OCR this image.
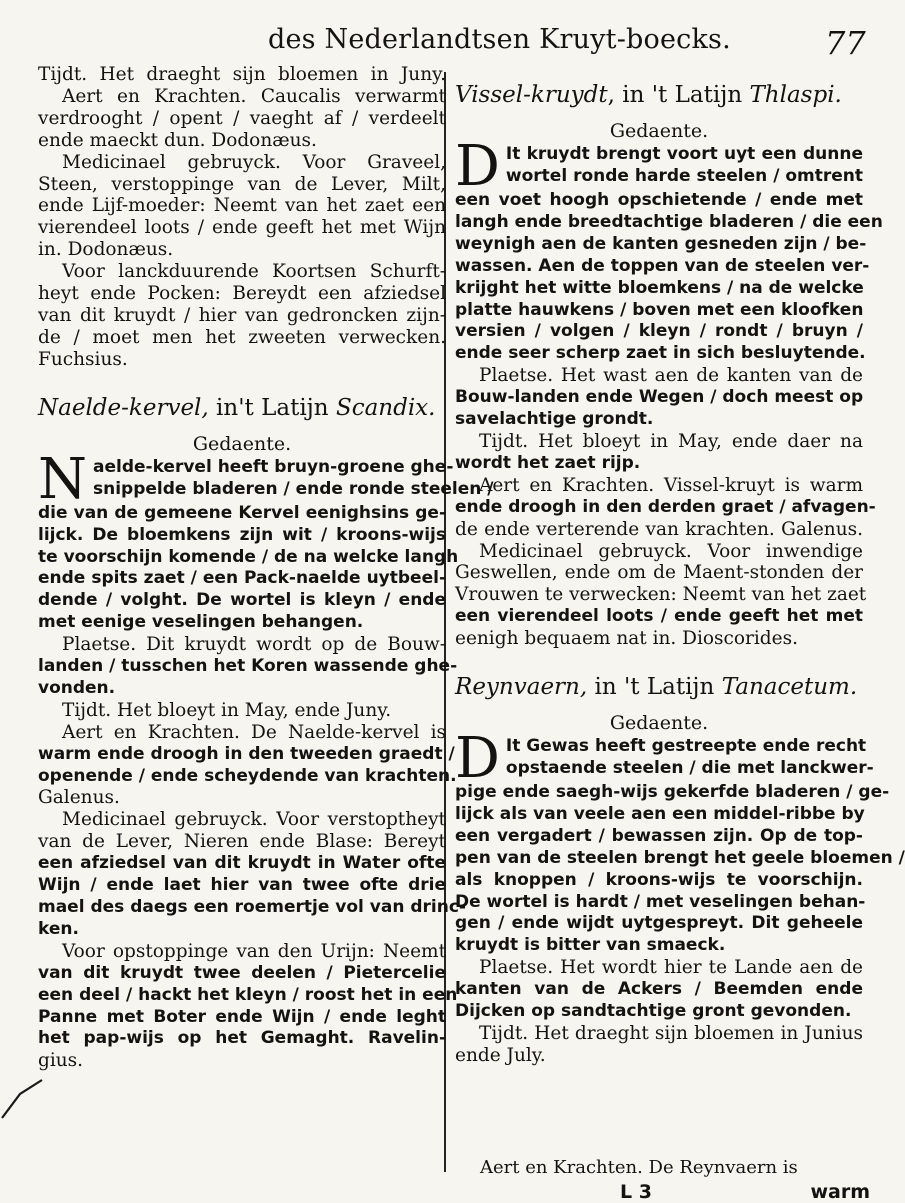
des Nederlandtsen Kruyt-boecks.	77
Tijdt. Het draeght sijn bloemen in Juny.
Aert en Krachten. Caucalis verwarmt
verdrooght / opent / vaeght af / verdeelt
ende maeckt dun. Dodonæus.
Medicinael gebruyck. Voor Graveel,
Steen, verstoppinge van de Lever, Milt,
ende Lijf-moeder: Neemt van het zaet een
vierendeel loots / ende geeft het met Wijn
in. Dodonæus.
Voor lanckduurende Koortsen Schurft-
heyt ende Pocken: Bereydt een afziedsel
van dit kruydt / hier van gedroncken zijn-
de / moet men het zweeten verwecken.
Fuchsius.
Naelde-kervel, in't Latijn Scandix.
Gedaente.
N aelde-kervel heeft bruyn-groene ghe-
snippelde bladeren / ende ronde steelen /
die van de gemeene Kervel eenighsins ge-
lijck. De bloemkens zijn wit / kroons-wijs
te voorschijn komende / de na welcke langh
ende spits zaet / een Pack-naelde uytbeel-
dende / volght. De wortel is kleyn / ende
met eenige veselingen behangen.
Plaetse. Dit kruydt wordt op de Bouw-
landen / tusschen het Koren wassende ghe-
vonden.
Tijdt. Het bloeyt in May, ende Juny.
Aert en Krachten. De Naelde-kervel is
warm ende droogh in den tweeden graedt /
openende / ende scheydende van krachten.
Galenus.
Medicinael gebruyck. Voor verstoptheyt
van de Lever, Nieren ende Blase: Bereyt
een afziedsel van dit kruydt in Water ofte
Wijn / ende laet hier van twee ofte drie
mael des daegs een roemertje vol van drinc-
ken.
Voor opstoppinge van den Urijn: Neemt
van dit kruydt twee deelen / Pietercelie
een deel / hackt het kleyn / roost het in een
Panne met Boter ende Wijn / ende leght
het pap-wijs op het Gemaght. Ravelin-
gius.
Vissel-kruydt, in 't Latijn Thlaspi.
Gedaente.
D It kruydt brengt voort uyt een dunne
wortel ronde harde steelen / omtrent
een voet hoogh opschietende / ende met
langh ende breedtachtige bladeren / die een
weynigh aen de kanten gesneden zijn / be-
wassen. Aen de toppen van de steelen ver-
krijght het witte bloemkens / na de welcke
platte hauwkens / boven met een kloofken
versien / volgen / kleyn / rondt / bruyn /
ende seer scherp zaet in sich besluytende.
Plaetse. Het wast aen de kanten van de
Bouw-landen ende Wegen / doch meest op
savelachtige grondt.
Tijdt. Het bloeyt in May, ende daer na
wordt het zaet rijp.
Aert en Krachten. Vissel-kruyt is warm
ende droogh in den derden graet / afvagen-
de ende verterende van krachten. Galenus.
Medicinael gebruyck. Voor inwendige
Geswellen, ende om de Maent-stonden der
Vrouwen te verwecken: Neemt van het zaet
een vierendeel loots / ende geeft het met
eenigh bequaem nat in. Dioscorides.
Reynvaern, in 't Latijn Tanacetum.
Gedaente.
D It Gewas heeft gestreepte ende recht
opstaende steelen / die met lanckwer-
pige ende saegh-wijs gekerfde bladeren / ge-
lijck als van veele aen een middel-ribbe by
een vergadert / bewassen zijn. Op de top-
pen van de steelen brengt het geele bloemen /
als knoppen / kroons-wijs te voorschijn.
De wortel is hardt / met veselingen behan-
gen / ende wijdt uytgespreyt. Dit geheele
kruydt is bitter van smaeck.
Plaetse. Het wordt hier te Lande aen de
kanten van de Ackers / Beemden ende
Dijcken op sandtachtige gront gevonden.
Tijdt. Het draeght sijn bloemen in Junius
ende July.
Aert en Krachten. De Reynvaern is
L 3	warm
